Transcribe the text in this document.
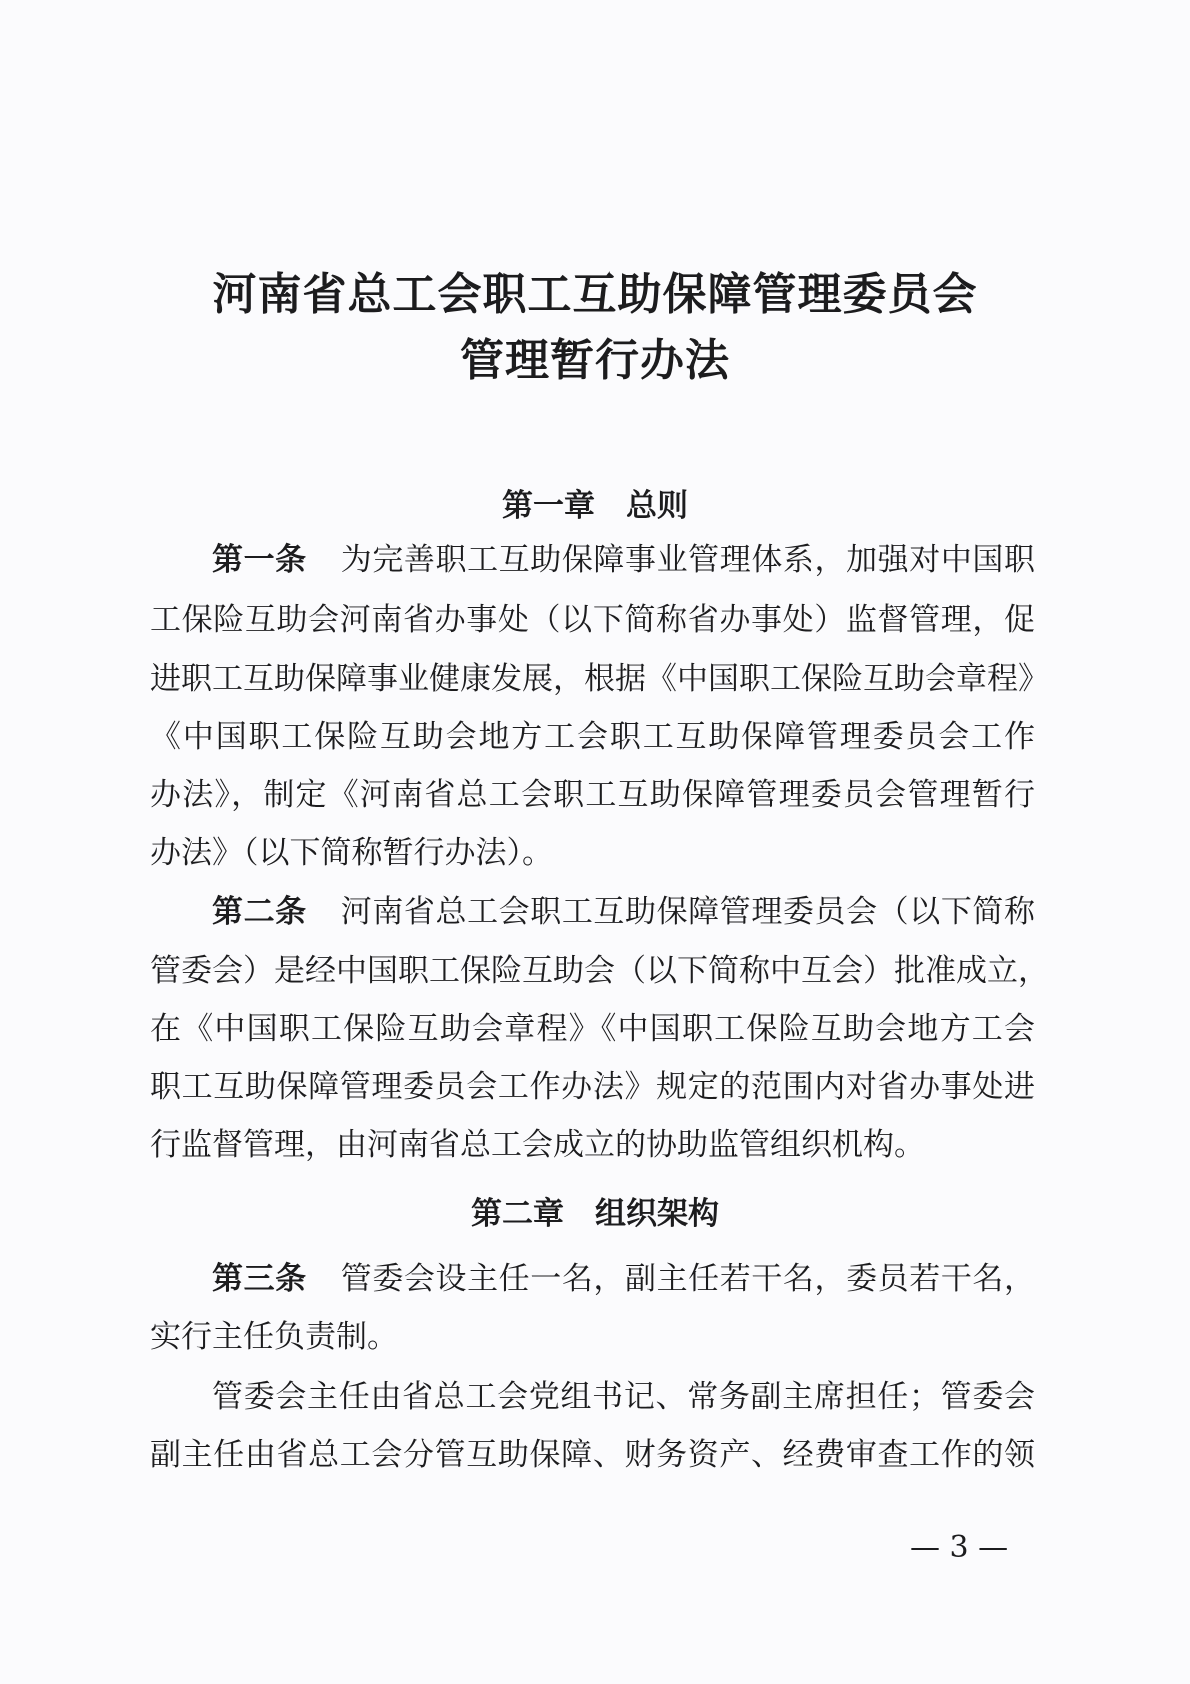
河南省总工会职工互助保障管理委员会
管理暂行办法
第一章　总则

第一条 为完善职工互助保障事业管理体系，加强对中国职

工保险互助会河南省办事处（以下简称省办事处）监督管理，促

进职工互助保障事业健康发展，根据《中国职工保险互助会章程》

《中国职工保险互助会地方工会职工互助保障管理委员会工作

办法》，制定《河南省总工会职工互助保障管理委员会管理暂行

办法》（以下简称暂行办法）。

第二条 河南省总工会职工互助保障管理委员会（以下简称

管委会）是经中国职工保险互助会（以下简称中互会）批准成立，

在《中国职工保险互助会章程》《中国职工保险互助会地方工会

职工互助保障管理委员会工作办法》规定的范围内对省办事处进

行监督管理，由河南省总工会成立的协助监管组织机构。

第二章　组织架构

第三条 管委会设主任一名，副主任若干名，委员若干名，

实行主任负责制。

管委会主任由省总工会党组书记、常务副主席担任；管委会

副主任由省总工会分管互助保障、财务资产、经费审查工作的领

— 3 —
